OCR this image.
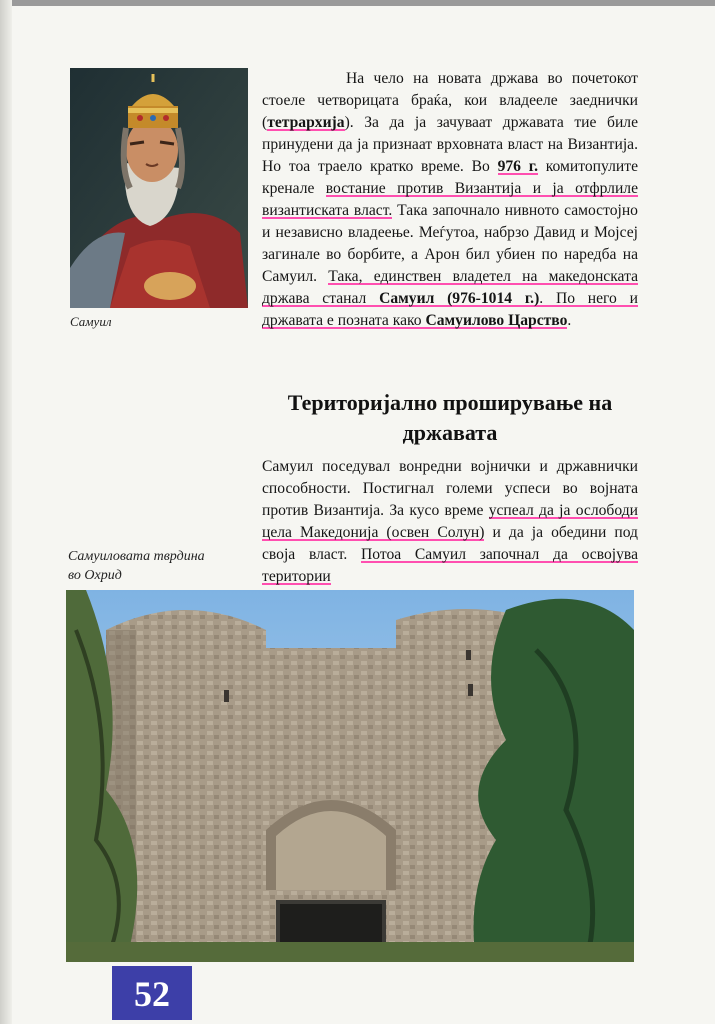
Самуил
На чело на новата држава во почетокот стоеле четворицата браќа, кои владееле заеднички (тетрархија). За да ја зачуваат државата тие биле принудени да ја признаат врховната власт на Византија. Но тоа траело кратко време. Во 976 г. комитопулите кренале востание против Византија и ја отфрлиле византиската власт. Така започнало нивното самостојно и независно владеење. Меѓутоа, набрзо Давид и Мојсеј загинале во борбите, а Арон бил убиен по наредба на Самуил. Така, единствен владетел на македонската држава станал Самуил (976-1014 г.). По него и државата е позната како Самуилово Царство.
Територијално проширување на државата
Самуил поседувал вонредни војнички и државнички способности. Постигнал големи успеси во војната против Византија. За кусо време успеал да ја ослободи цела Македонија (освен Солун) и да ја обедини под своја власт. Потоа Самуил започнал да освојува територии
Самуиловата тврдина
во Охрид
52
